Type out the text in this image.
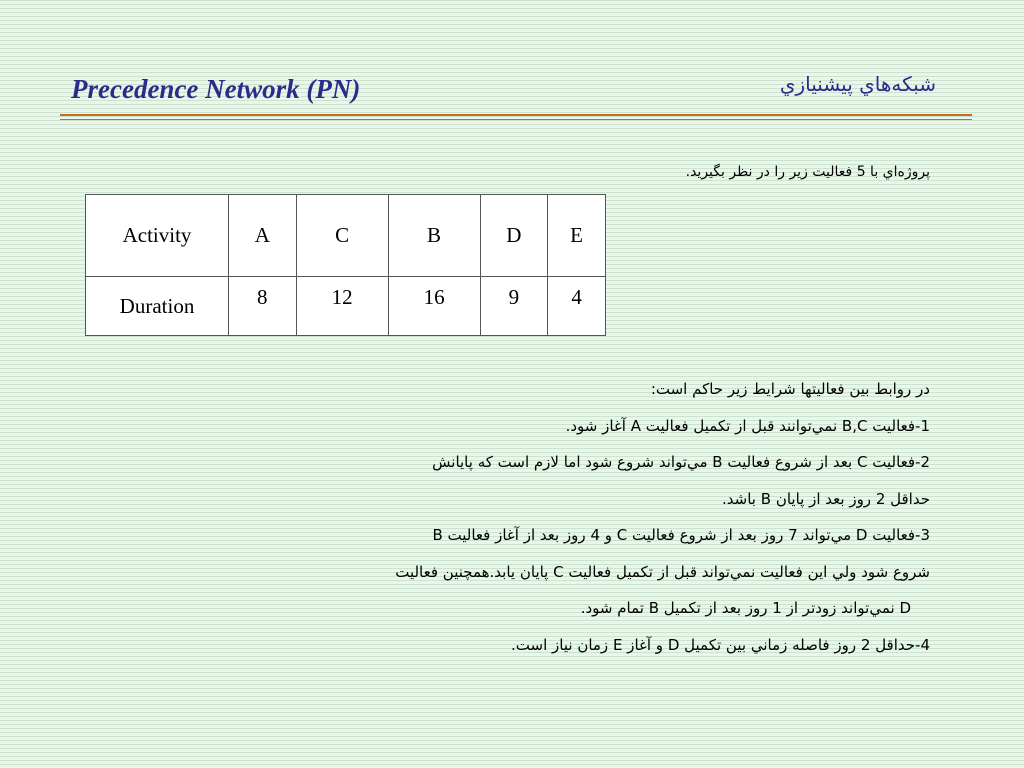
Precedence Network (PN)	شبکه‌هاي پيشنيازي
پروژه‌اي با 5 فعاليت زير را در نظر بگيريد.
Activity	A	C	B	D	E
Duration	8	12	16	9	4
در روابط بين فعاليتها شرايط زير حاکم است:
1-فعاليت B,C نمي‌توانند قبل از تکميل فعاليت A آغاز شود.
2-فعاليت C بعد از شروع فعاليت B مي‌تواند شروع شود اما لازم است که پايانش
حداقل 2 روز بعد از پايان B باشد.
3-فعاليت D مي‌تواند 7 روز بعد از شروع فعاليت C و 4 روز بعد از آغاز فعاليت B
شروع شود ولي اين فعاليت نمي‌تواند قبل از تکميل فعاليت C پايان يابد.همچنين فعاليت
D نمي‌تواند زودتر از 1 روز بعد از تکميل B تمام شود.
4-حداقل 2 روز فاصله زماني بين تکميل D و آغاز E زمان نياز است.
